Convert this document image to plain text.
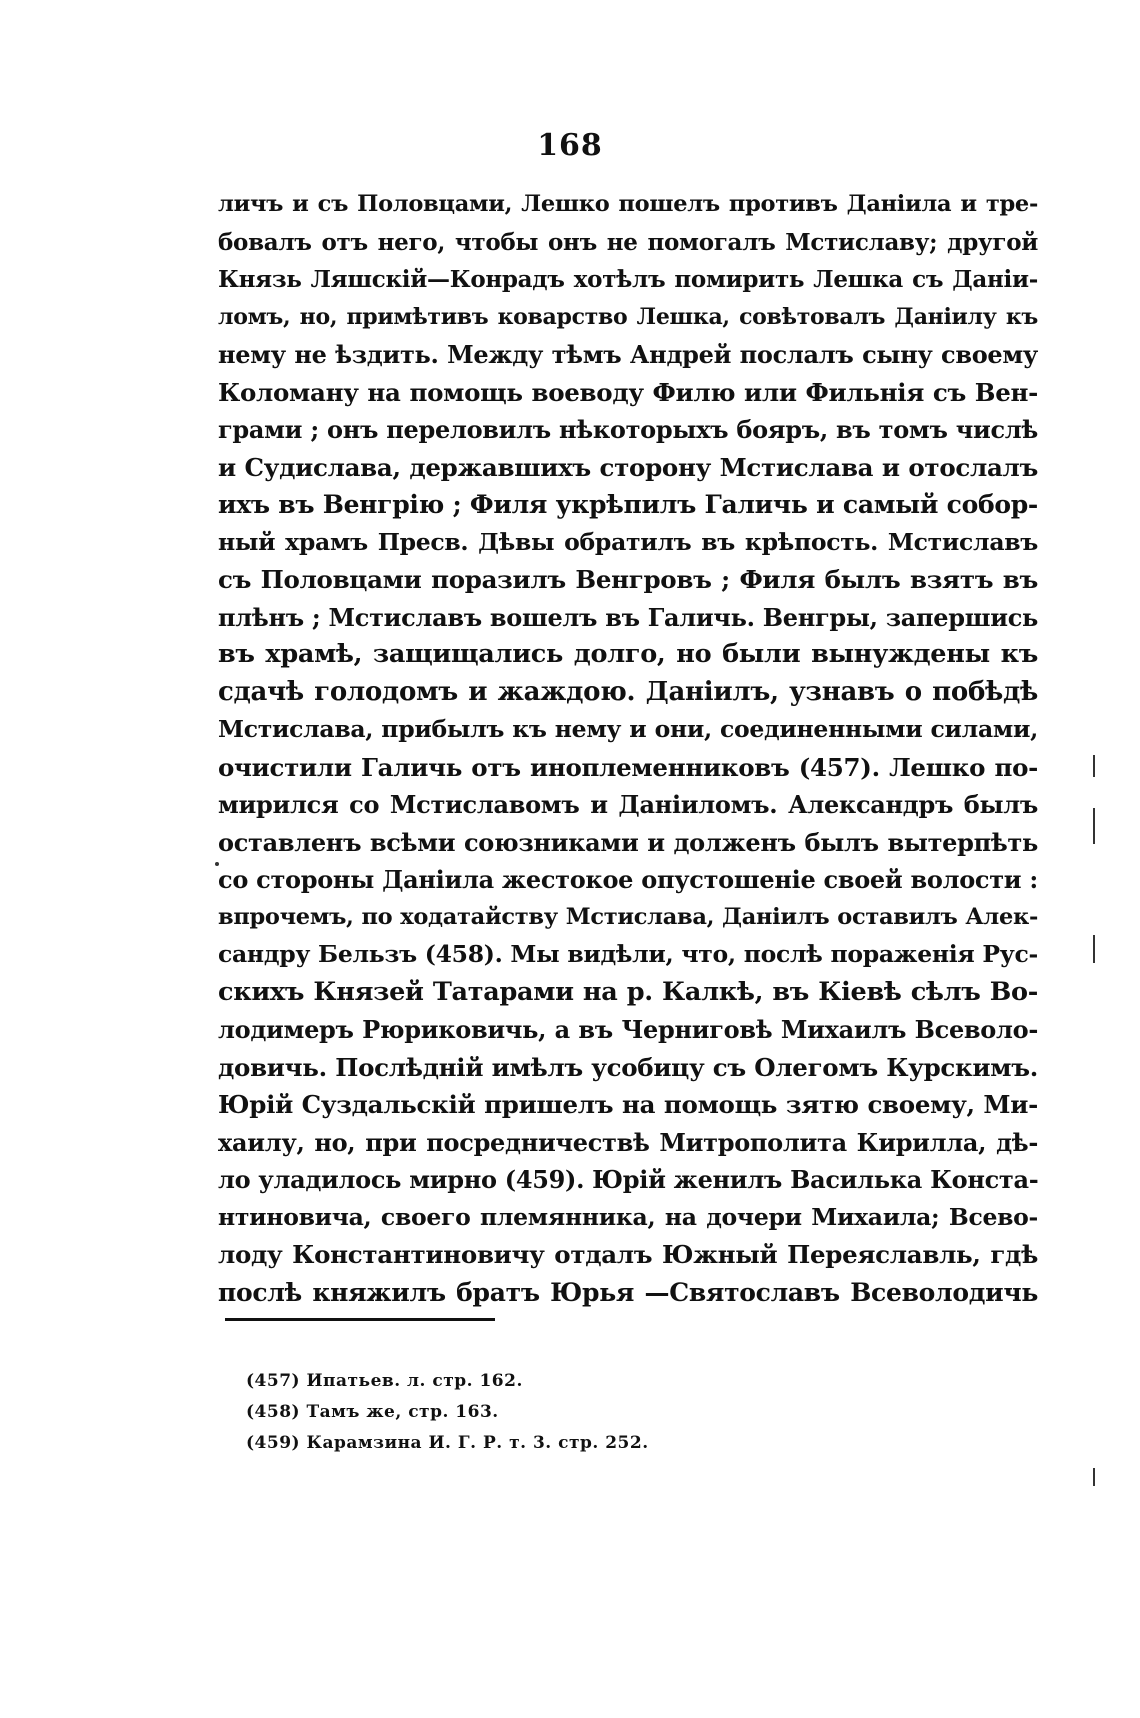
168
личъ и съ Половцами, Лешко пошелъ противъ Даніила и тре-
бовалъ отъ него, чтобы онъ не помогалъ Мстиславу; другой
Князь Ляшскій—Конрадъ хотѣлъ помирить Лешка съ Данiи-
ломъ, но, примѣтивъ коварство Лешка, совѣтовалъ Даніилу къ
нему не ѣздить. Между тѣмъ Андрей послалъ сыну своему
Коломану на помощь воеводу Филю или Фильнія съ Вен-
грами ; онъ переловилъ нѣкоторыхъ бояръ, въ томъ числѣ
и Судислава, державшихъ сторону Мстислава и отослалъ
ихъ въ Венгрію ; Филя укрѣпилъ Галичь и самый собор-
ный храмъ Пресв. Дѣвы обратилъ въ крѣпость. Мстиславъ
съ Половцами поразилъ Венгровъ ; Филя былъ взятъ въ
плѣнъ ; Мстиславъ вошелъ въ Галичь. Венгры, запершись
въ храмѣ, защищались долго, но были вынуждены къ
сдачѣ голодомъ и жаждою. Даніилъ, узнавъ о побѣдѣ
Мстислава, прибылъ къ нему и они, соединенными силами,
очистили Галичь отъ иноплеменниковъ (457). Лешко по-
мирился со Мстиславомъ и Даніиломъ. Александръ былъ
оставленъ всѣми союзниками и долженъ былъ вытерпѣть
со стороны Даніила жестокое опустошеніе своей волости :
впрочемъ, по ходатайству Мстислава, Даніилъ оставилъ Алек-
сандру Бельзъ (458). Мы видѣли, что, послѣ пораженія Рус-
скихъ Князей Татарами на р. Калкѣ, въ Кіевѣ сѣлъ Во-
лодимеръ Рюриковичь, а въ Черниговѣ Михаилъ Всеволо-
довичь. Послѣдній имѣлъ усобицу съ Олегомъ Курскимъ.
Юрій Суздальскій пришелъ на помощь зятю своему, Ми-
хаилу, но, при посредничествѣ Митрополита Кирилла, дѣ-
ло уладилось мирно (459). Юрій женилъ Василька Конста-
нтиновича, своего племянника, на дочери Михаила; Всево-
лоду Константиновичу отдалъ Южный Переяславль, гдѣ
послѣ княжилъ братъ Юрья —Святославъ Всеволодичь
(457) Ипатьев. л. стр. 162.
(458) Тамъ же, стр. 163.
(459) Карамзина И. Г. Р. т. 3. стр. 252.
